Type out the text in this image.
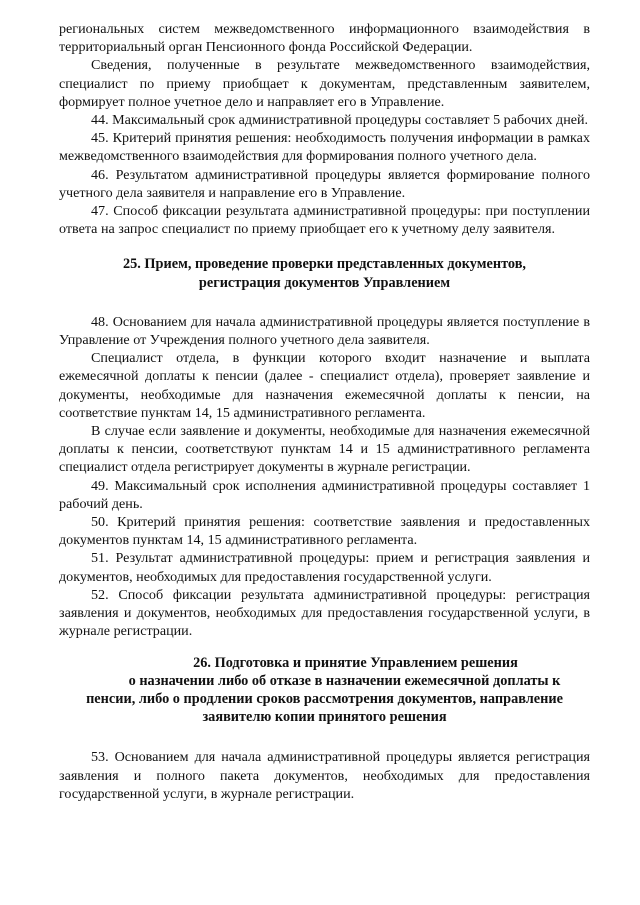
региональных систем межведомственного информационного взаимодействия в территориальный орган Пенсионного фонда Российской Федерации.

Сведения, полученные в результате межведомственного взаимодействия, специалист по приему приобщает к документам, представленным заявителем, формирует полное учетное дело и направляет его в Управление.

44. Максимальный срок административной процедуры составляет 5 рабочих дней.

45. Критерий принятия решения: необходимость получения информации в рамках межведомственного взаимодействия для формирования полного учетного дела.

46. Результатом административной процедуры является формирование полного учетного дела заявителя и направление его в Управление.

47. Способ фиксации результата административной процедуры: при поступлении ответа на запрос специалист по приему приобщает его к учетному делу заявителя.

25. Прием, проведение проверки представленных документов,
регистрация документов Управлением

48. Основанием для начала административной процедуры является поступление в Управление от Учреждения полного учетного дела заявителя.

Специалист отдела, в функции которого входит назначение и выплата ежемесячной доплаты к пенсии (далее - специалист отдела), проверяет заявление и документы, необходимые для назначения ежемесячной доплаты к пенсии, на соответствие пунктам 14, 15 административного регламента.

В случае если заявление и документы, необходимые для назначения ежемесячной доплаты к пенсии, соответствуют пунктам 14 и 15 административного регламента специалист отдела регистрирует документы в журнале регистрации.

49. Максимальный срок исполнения административной процедуры составляет 1 рабочий день.

50. Критерий принятия решения: соответствие заявления и предоставленных документов пунктам 14, 15 административного регламента.

51. Результат административной процедуры: прием и регистрация заявления и документов, необходимых для предоставления государственной услуги.

52. Способ фиксации результата административной процедуры: регистрация заявления и документов, необходимых для предоставления государственной услуги, в журнале регистрации.

26. Подготовка и принятие Управлением решения
о назначении либо об отказе в назначении ежемесячной доплаты к
пенсии, либо о продлении сроков рассмотрения документов, направление
заявителю копии принятого решения

53. Основанием для начала административной процедуры является регистрация заявления и полного пакета документов, необходимых для предоставления государственной услуги, в журнале регистрации.
